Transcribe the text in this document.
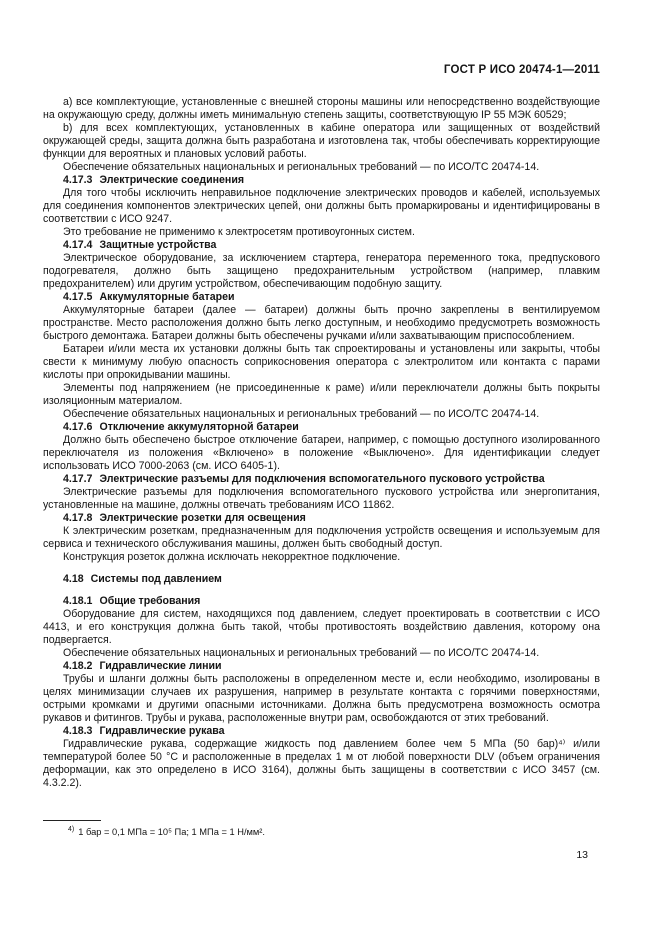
ГОСТ Р ИСО 20474-1—2011

a) все комплектующие, установленные с внешней стороны машины или непосредственно воздействующие на окружающую среду, должны иметь минимальную степень защиты, соответствующую IP 55 МЭК 60529;

b) для всех комплектующих, установленных в кабине оператора или защищенных от воздействий окружающей среды, защита должна быть разработана и изготовлена так, чтобы обеспечивать корректирующие функции для вероятных и плановых условий работы.

Обеспечение обязательных национальных и региональных требований — по ИСО/ТС 20474-14.

4.17.3 Электрические соединения

Для того чтобы исключить неправильное подключение электрических проводов и кабелей, используемых для соединения компонентов электрических цепей, они должны быть промаркированы и идентифицированы в соответствии с ИСО 9247.

Это требование не применимо к электросетям противоугонных систем.

4.17.4 Защитные устройства

Электрическое оборудование, за исключением стартера, генератора переменного тока, предпускового подогревателя, должно быть защищено предохранительным устройством (например, плавким предохранителем) или другим устройством, обеспечивающим подобную защиту.

4.17.5 Аккумуляторные батареи

Аккумуляторные батареи (далее — батареи) должны быть прочно закреплены в вентилируемом пространстве. Место расположения должно быть легко доступным, и необходимо предусмотреть возможность быстрого демонтажа. Батареи должны быть обеспечены ручками и/или захватывающим приспособлением.

Батареи и/или места их установки должны быть так спроектированы и установлены или закрыты, чтобы свести к минимуму любую опасность соприкосновения оператора с электролитом или контакта с парами кислоты при опрокидывании машины.

Элементы под напряжением (не присоединенные к раме) и/или переключатели должны быть покрыты изоляционным материалом.

Обеспечение обязательных национальных и региональных требований — по ИСО/ТС 20474-14.

4.17.6 Отключение аккумуляторной батареи

Должно быть обеспечено быстрое отключение батареи, например, с помощью доступного изолированного переключателя из положения «Включено» в положение «Выключено». Для идентификации следует использовать ИСО 7000-2063 (см. ИСО 6405-1).

4.17.7 Электрические разъемы для подключения вспомогательного пускового устройства

Электрические разъемы для подключения вспомогательного пускового устройства или энергопитания, установленные на машине, должны отвечать требованиям ИСО 11862.

4.17.8 Электрические розетки для освещения

К электрическим розеткам, предназначенным для подключения устройств освещения и используемым для сервиса и технического обслуживания машины, должен быть свободный доступ.

Конструкция розеток должна исключать некорректное подключение.

4.18 Системы под давлением

4.18.1 Общие требования

Оборудование для систем, находящихся под давлением, следует проектировать в соответствии с ИСО 4413, и его конструкция должна быть такой, чтобы противостоять воздействию давления, которому она подвергается.

Обеспечение обязательных национальных и региональных требований — по ИСО/ТС 20474-14.

4.18.2 Гидравлические линии

Трубы и шланги должны быть расположены в определенном месте и, если необходимо, изолированы в целях минимизации случаев их разрушения, например в результате контакта с горячими поверхностями, острыми кромками и другими опасными источниками. Должна быть предусмотрена возможность осмотра рукавов и фитингов. Трубы и рукава, расположенные внутри рам, освобождаются от этих требований.

4.18.3 Гидравлические рукава

Гидравлические рукава, содержащие жидкость под давлением более чем 5 МПа (50 бар)⁴⁾ и/или температурой более 50 °С и расположенные в пределах 1 м от любой поверхности DLV (объем ограничения деформации, как это определено в ИСО 3164), должны быть защищены в соответствии с ИСО 3457 (см. 4.3.2.2).

$^{4)}$ 1 бар = 0,1 МПа = 10⁵ Па; 1 МПа = 1 Н/мм².
13
